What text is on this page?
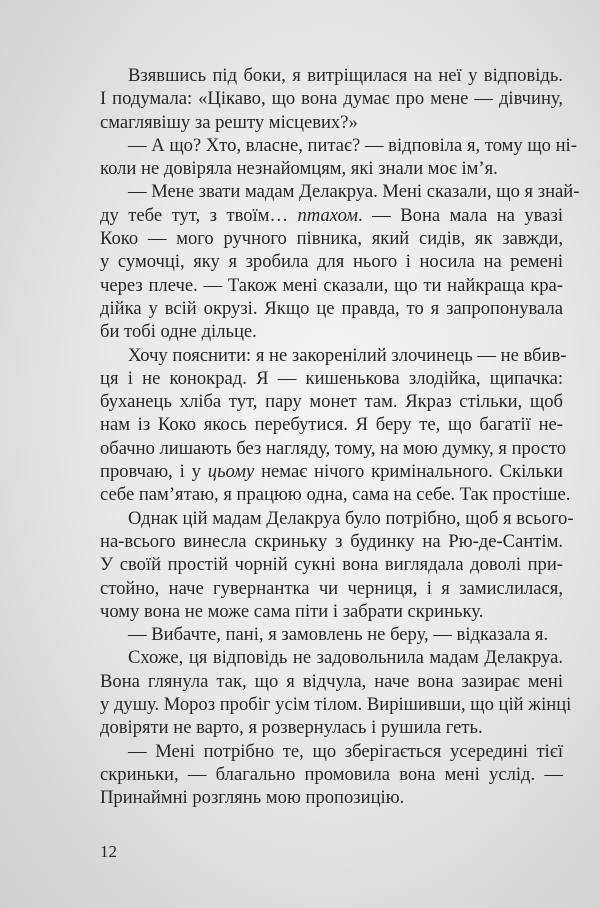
Взявшись під боки, я витріщилася на неї у відповідь.
І подумала: «Цікаво, що вона думає про мене — дівчину,
смаглявішу за решту місцевих?»
— А що? Хто, власне, питає? — відповіла я, тому що ні-
коли не довіряла незнайомцям, які знали моє ім’я.
— Мене звати мадам Делакруа. Мені сказали, що я знай-
ду тебе тут, з твоїм… птахом. — Вона мала на увазі
Коко — мого ручного півника, який сидів, як завжди,
у сумочці, яку я зробила для нього і носила на ремені
через плече. — Також мені сказали, що ти найкраща кра-
дійка у всій окрузі. Якщо це правда, то я запропонувала
би тобі одне дільце.
Хочу пояснити: я не закоренілий злочинець — не вбив-
ця і не конокрад. Я — кишенькова злодійка, щипачка:
буханець хліба тут, пару монет там. Якраз стільки, щоб
нам із Коко якось перебутися. Я беру те, що багатії не-
обачно лишають без нагляду, тому, на мою думку, я просто
провчаю, і у цьому немає нічого кримінального. Скільки
себе пам’ятаю, я працюю одна, сама на себе. Так простіше.
Однак цій мадам Делакруа було потрібно, щоб я всього-
на-всього винесла скриньку з будинку на Рю-де-Сантім.
У своїй простій чорній сукні вона виглядала доволі при-
стойно, наче гувернантка чи черниця, і я замислилася,
чому вона не може сама піти і забрати скриньку.
— Вибачте, пані, я замовлень не беру, — відказала я.
Схоже, ця відповідь не задовольнила мадам Делакруа.
Вона глянула так, що я відчула, наче вона зазирає мені
у душу. Мороз пробіг усім тілом. Вирішивши, що цій жінці
довіряти не варто, я розвернулась і рушила геть.
— Мені потрібно те, що зберігається усередині тієї
скриньки, — благально промовила вона мені услід. —
Принаймні розглянь мою пропозицію.
12
